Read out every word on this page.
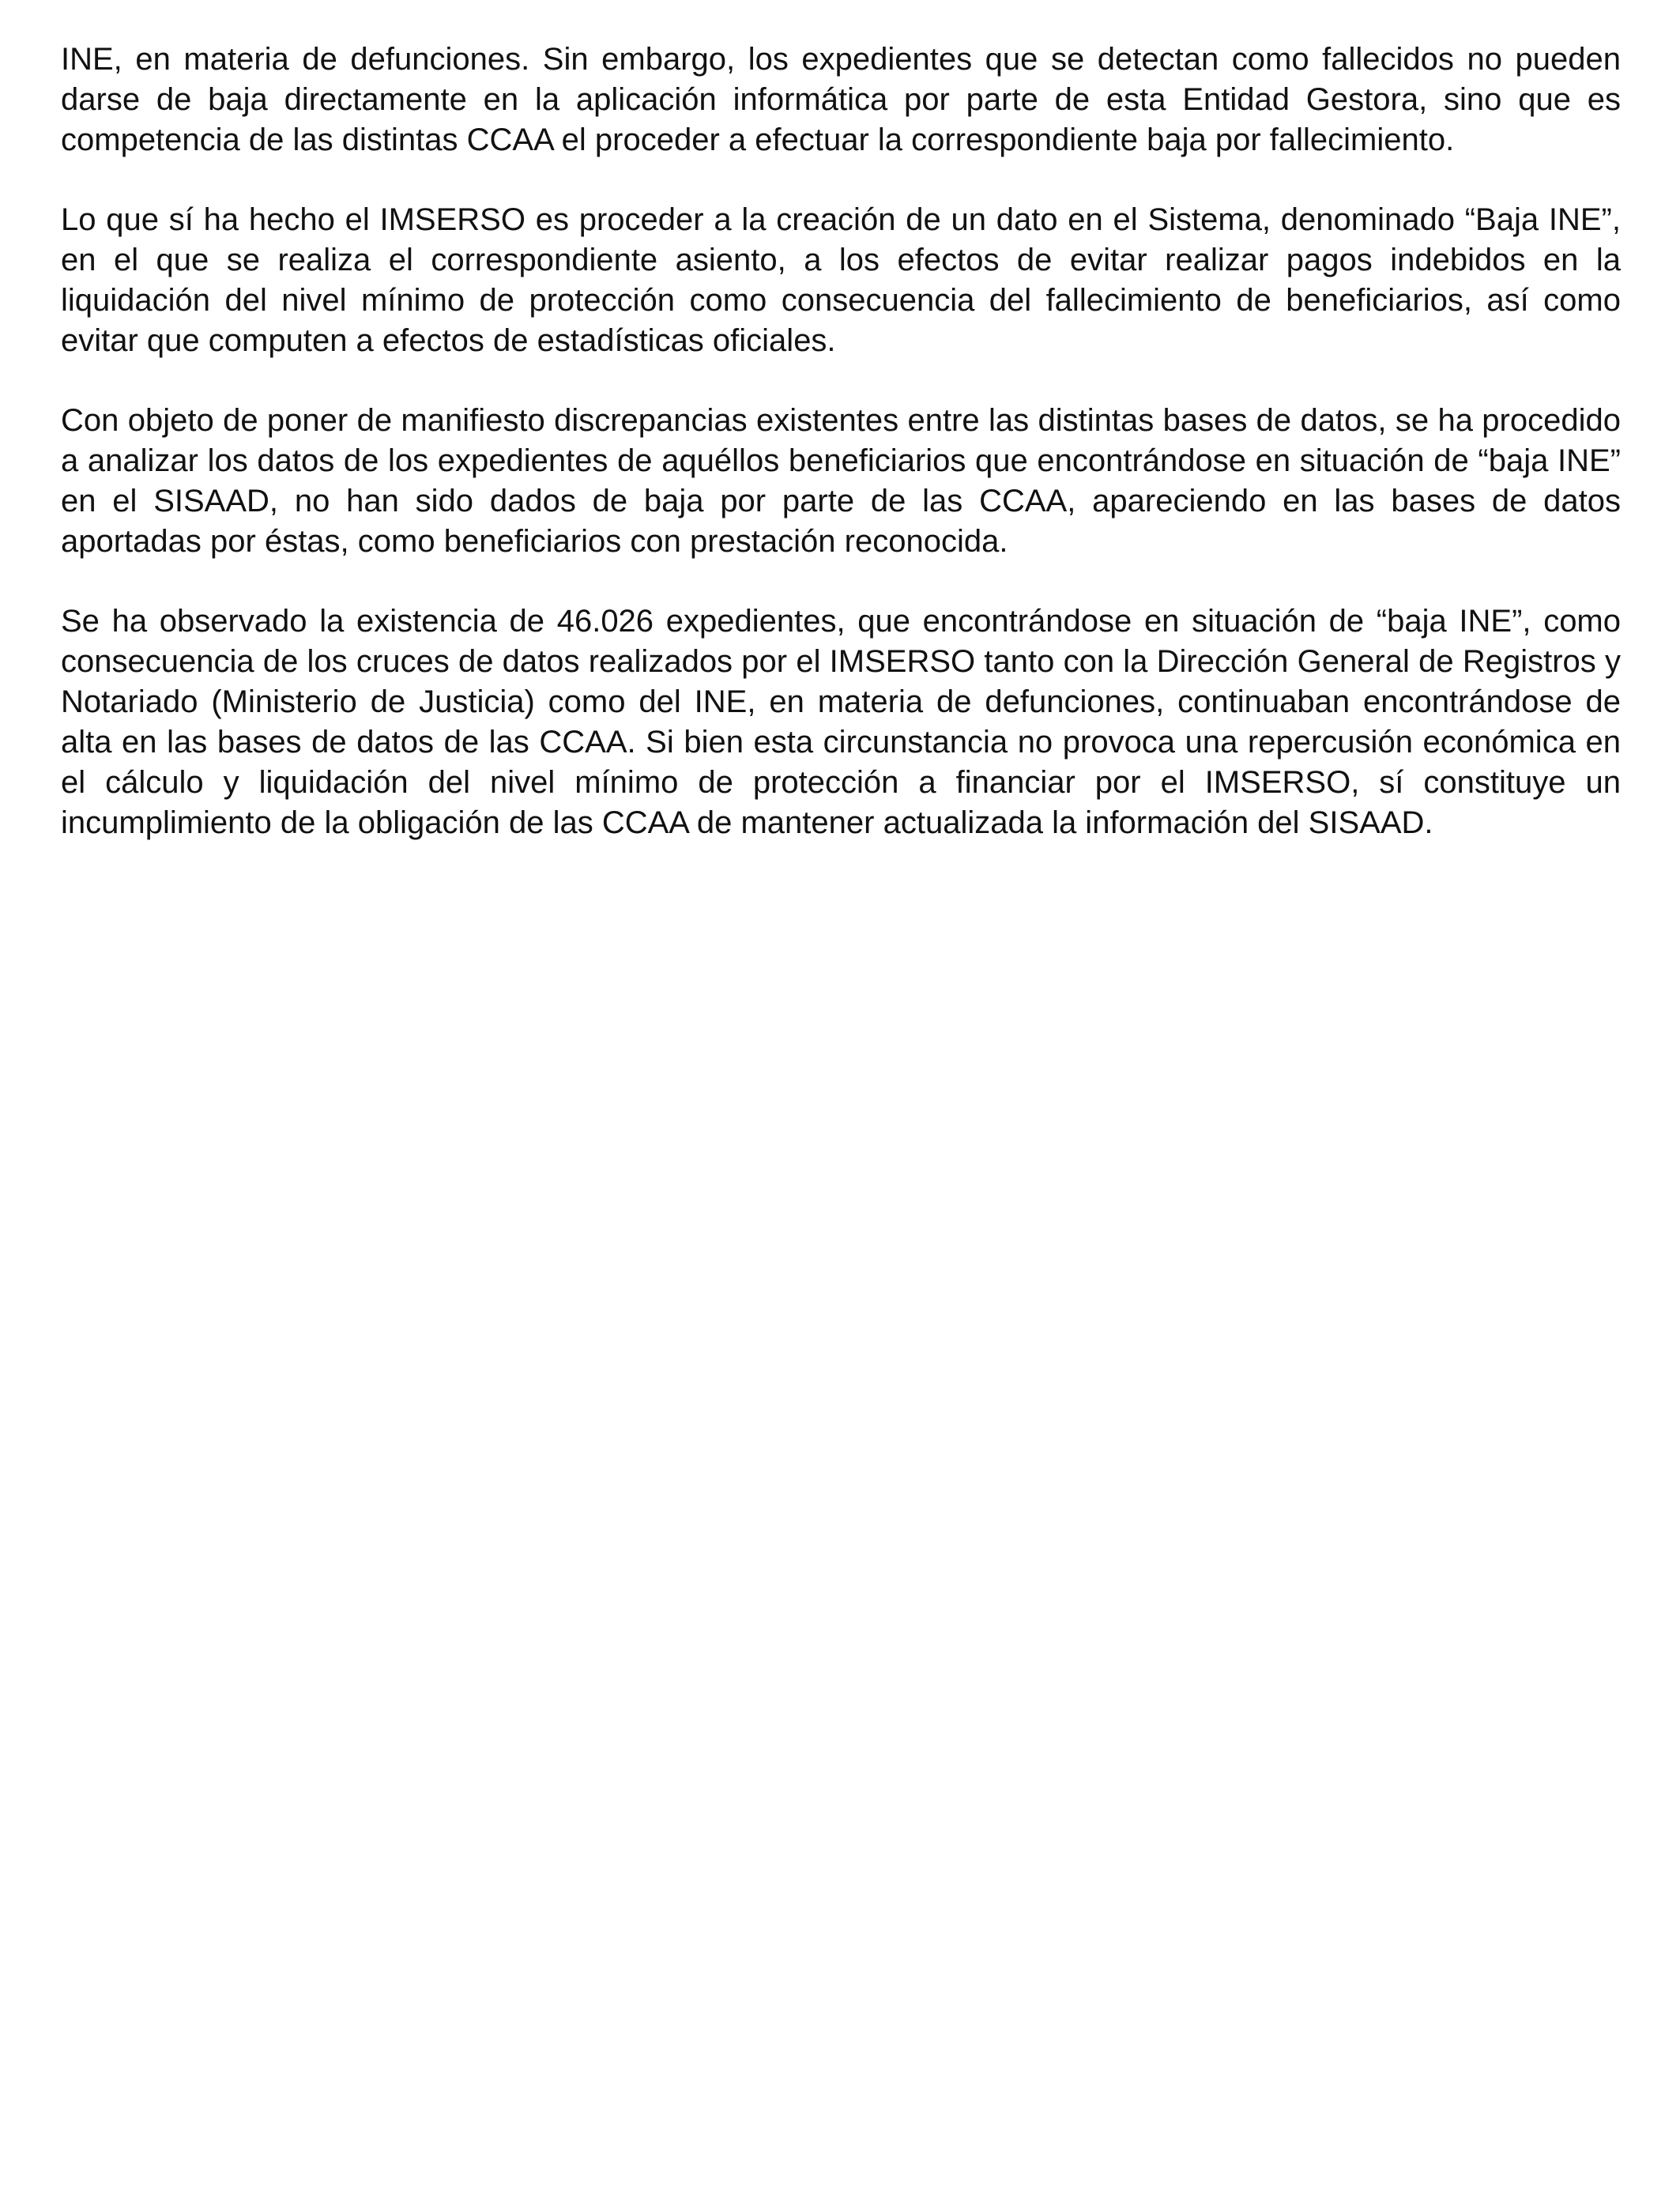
INE, en materia de defunciones. Sin embargo, los expedientes que se detectan como fallecidos no pueden darse de baja directamente en la aplicación informática por parte de esta Entidad Gestora, sino que es competencia de las distintas CCAA el proceder a efectuar la correspondiente baja por fallecimiento.

Lo que sí ha hecho el IMSERSO es proceder a la creación de un dato en el Sistema, denominado “Baja INE”, en el que se realiza el correspondiente asiento, a los efectos de evitar realizar pagos indebidos en la liquidación del nivel mínimo de protección como consecuencia del fallecimiento de beneficiarios, así como evitar que computen a efectos de estadísticas oficiales.

Con objeto de poner de manifiesto discrepancias existentes entre las distintas bases de datos, se ha procedido a analizar los datos de los expedientes de aquéllos beneficiarios que encontrándose en situación de “baja INE” en el SISAAD, no han sido dados de baja por parte de las CCAA, apareciendo en las bases de datos aportadas por éstas, como beneficiarios con prestación reconocida.

Se ha observado la existencia de 46.026 expedientes, que encontrándose en situación de “baja INE”, como consecuencia de los cruces de datos realizados por el IMSERSO tanto con la Dirección General de Registros y Notariado (Ministerio de Justicia) como del INE, en materia de defunciones, continuaban encontrándose de alta en las bases de datos de las CCAA. Si bien esta circunstancia no provoca una repercusión económica en el cálculo y liquidación del nivel mínimo de protección a financiar por el IMSERSO, sí constituye un incumplimiento de la obligación de las CCAA de mantener actualizada la información del SISAAD.
